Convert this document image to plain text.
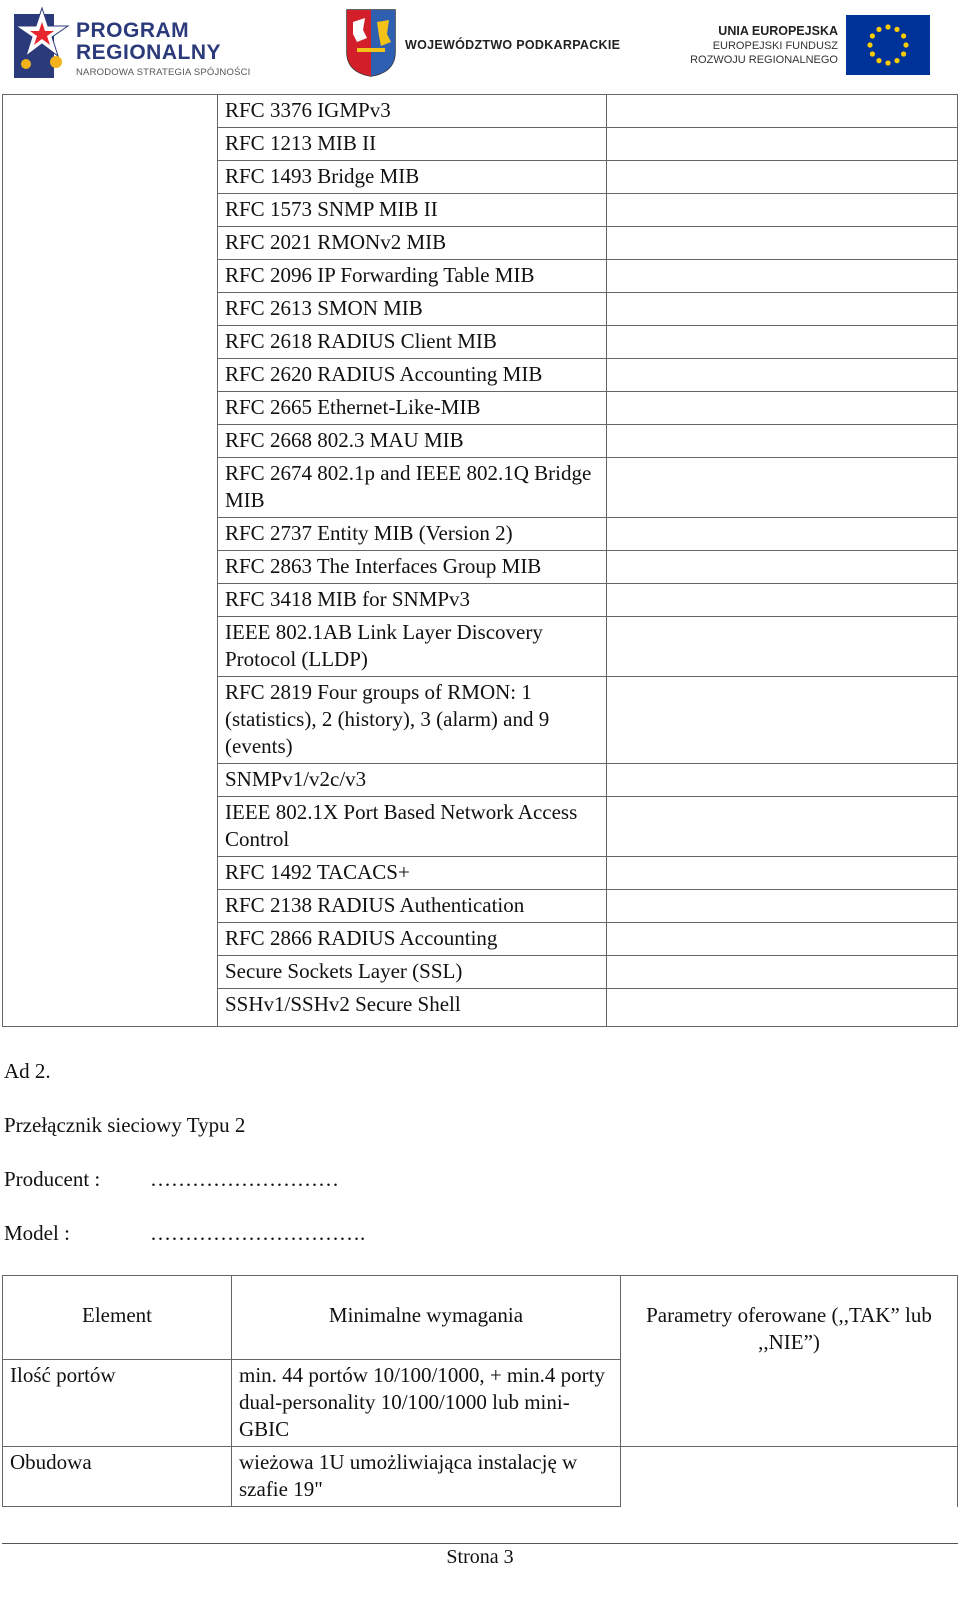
PROGRAM
REGIONALNY
NARODOWA STRATEGIA SPÓJNOŚCI
WOJEWÓDZTWO PODKARPACKIE
UNIA EUROPEJSKA
EUROPEJSKI FUNDUSZ
ROZWOJU REGIONALNEGO
	RFC 3376 IGMPv3	
	RFC 1213 MIB II	
	RFC 1493 Bridge MIB	
	RFC 1573 SNMP MIB II	
	RFC 2021 RMONv2 MIB	
	RFC 2096 IP Forwarding Table MIB	
	RFC 2613 SMON MIB	
	RFC 2618 RADIUS Client MIB	
	RFC 2620 RADIUS Accounting MIB	
	RFC 2665 Ethernet-Like-MIB	
	RFC 2668 802.3 MAU MIB	
	RFC 2674 802.1p and IEEE 802.1Q Bridge MIB	
	RFC 2737 Entity MIB (Version 2)	
	RFC 2863 The Interfaces Group MIB	
	RFC 3418 MIB for SNMPv3	
	IEEE 802.1AB Link Layer Discovery Protocol (LLDP)	
	RFC 2819 Four groups of RMON: 1 (statistics), 2 (history), 3 (alarm) and 9 (events)	
	SNMPv1/v2c/v3	
	IEEE 802.1X Port Based Network Access Control	
	RFC 1492 TACACS+	
	RFC 2138 RADIUS Authentication	
	RFC 2866 RADIUS Accounting	
	Secure Sockets Layer (SSL)	
	SSHv1/SSHv2 Secure Shell	
Ad 2.
Przełącznik sieciowy Typu 2
Producent : ………………………
Model :	………………………….
Element	Minimalne wymagania	Parametry oferowane (,,TAK” lub ,,NIE”)
Ilość portów	min. 44 portów 10/100/1000, + min.4 porty dual-personality 10/100/1000 lub mini-GBIC	
Obudowa	wieżowa 1U umożliwiająca instalację w szafie 19"	
Strona 3
